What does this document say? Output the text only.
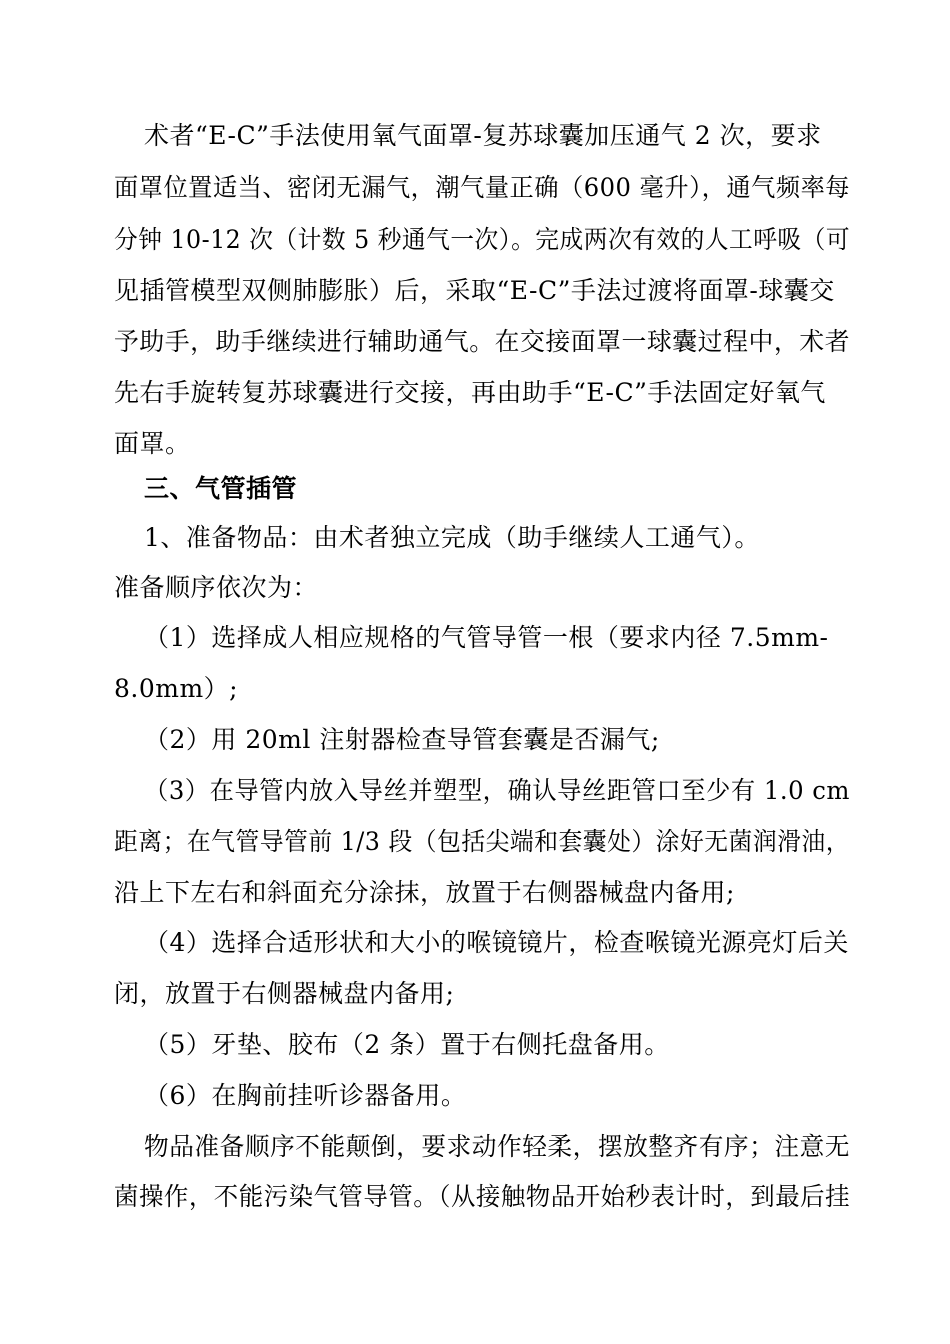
术者“E-C”手法使用氧气面罩-复苏球囊加压通气 2 次，要求
面罩位置适当、密闭无漏气，潮气量正确（600 毫升），通气频率每
分钟 10-12 次（计数 5 秒通气一次）。完成两次有效的人工呼吸（可
见插管模型双侧肺膨胀）后，采取“E-C”手法过渡将面罩-球囊交
予助手，助手继续进行辅助通气。在交接面罩一球囊过程中，术者
先右手旋转复苏球囊进行交接，再由助手“E-C”手法固定好氧气
面罩。
三、气管插管
1、准备物品：由术者独立完成（助手继续人工通气）。
准备顺序依次为：
（1）选择成人相应规格的气管导管一根（要求内径 7.5mm-
8.0mm）;
（2）用 20ml 注射器检查导管套囊是否漏气;
（3）在导管内放入导丝并塑型，确认导丝距管口至少有 1.0 cm
距离；在气管导管前 1/3 段（包括尖端和套囊处）涂好无菌润滑油，
沿上下左右和斜面充分涂抹，放置于右侧器械盘内备用;
（4）选择合适形状和大小的喉镜镜片，检查喉镜光源亮灯后关
闭，放置于右侧器械盘内备用;
（5）牙垫、胶布（2 条）置于右侧托盘备用。
（6）在胸前挂听诊器备用。
物品准备顺序不能颠倒，要求动作轻柔，摆放整齐有序；注意无
菌操作，不能污染气管导管。（从接触物品开始秒表计时，到最后挂
